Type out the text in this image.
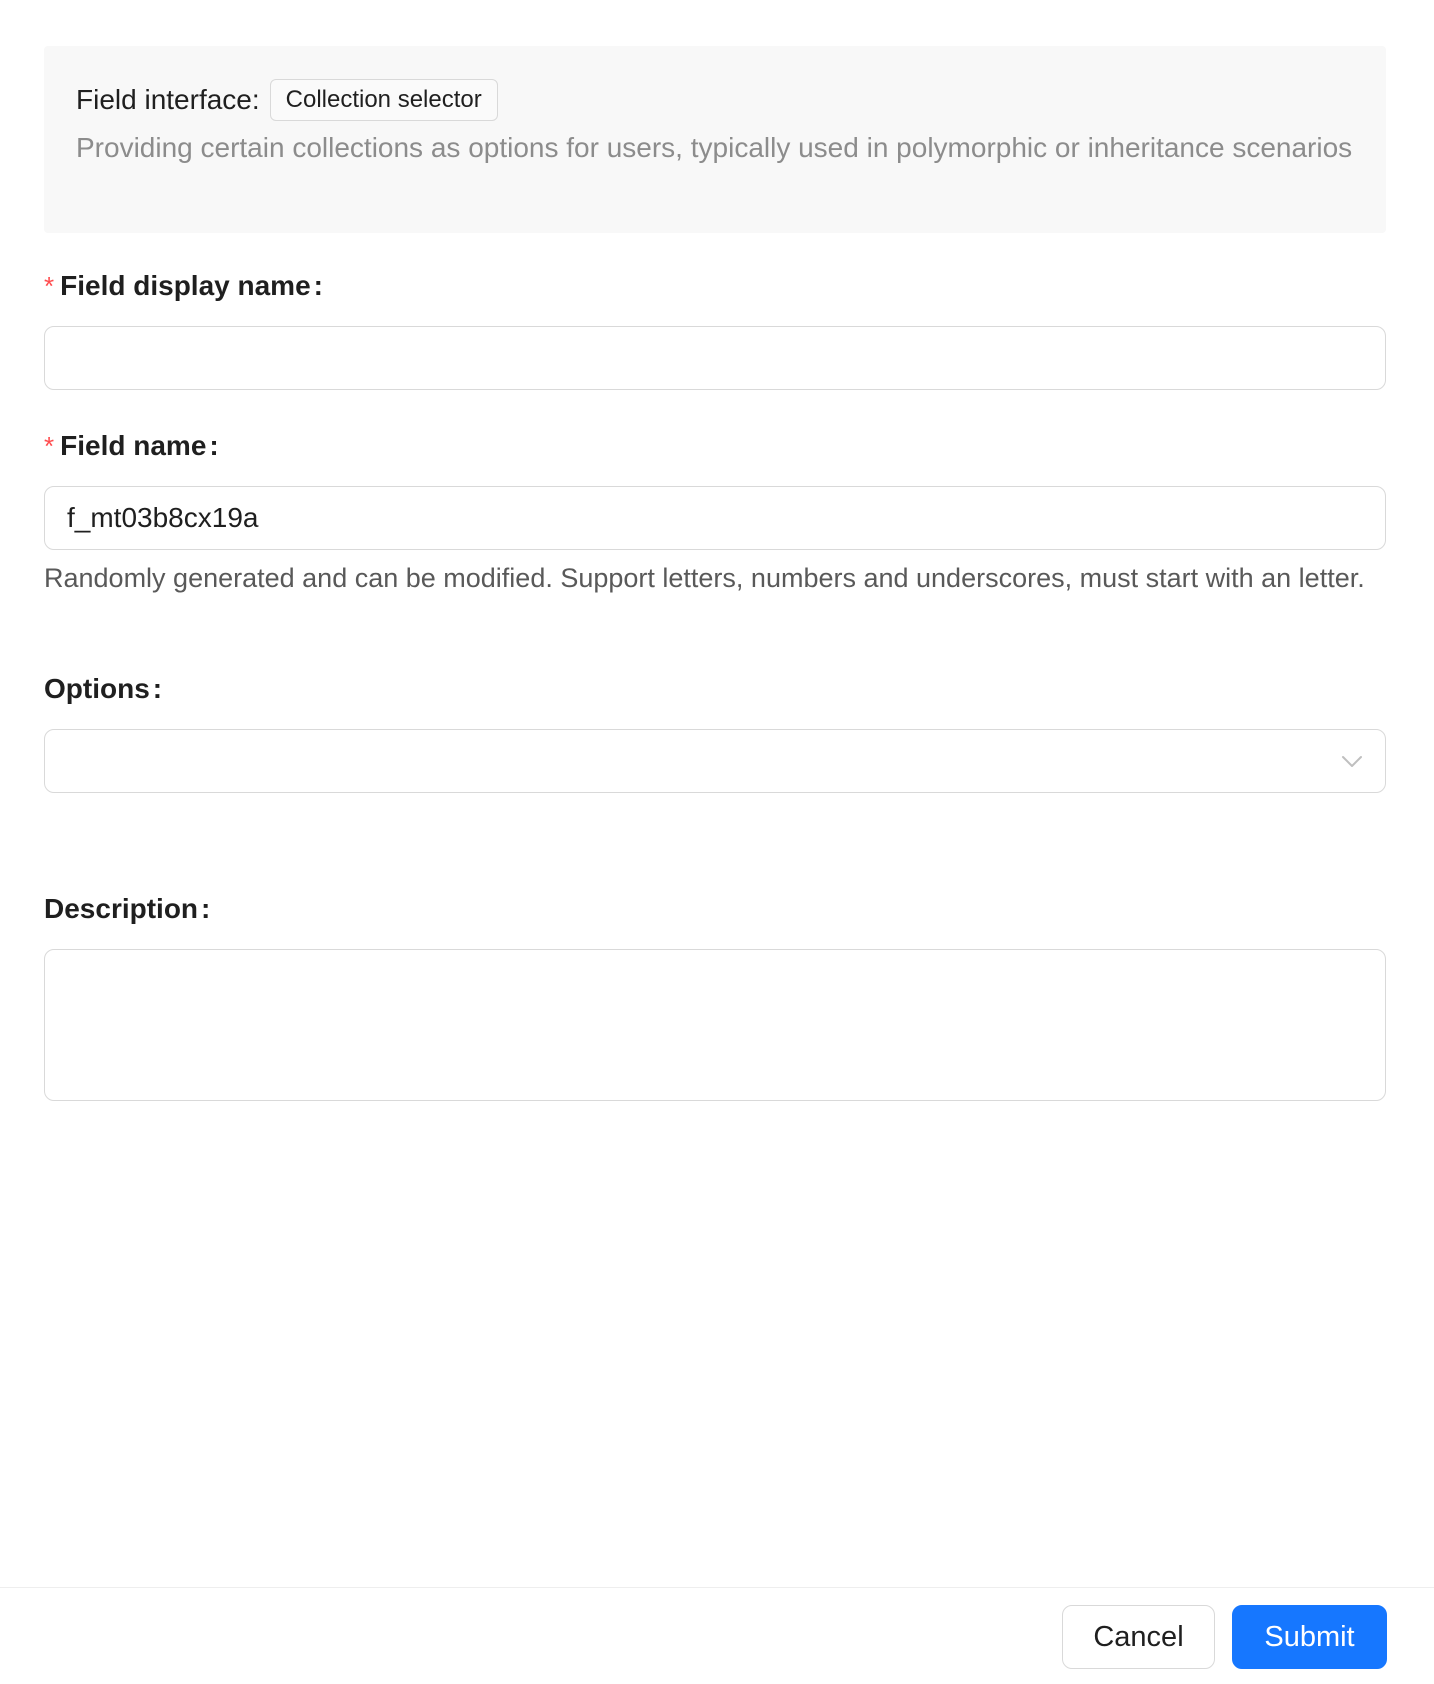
Field interface:	Collection selector
Providing certain collections as options for users, typically used in polymorphic or inheritance scenarios
* Field display name :
* Field name :
f_mt03b8cx19a
Randomly generated and can be modified. Support letters, numbers and underscores, must start with an letter.
Options :
Description :
Cancel	Submit
